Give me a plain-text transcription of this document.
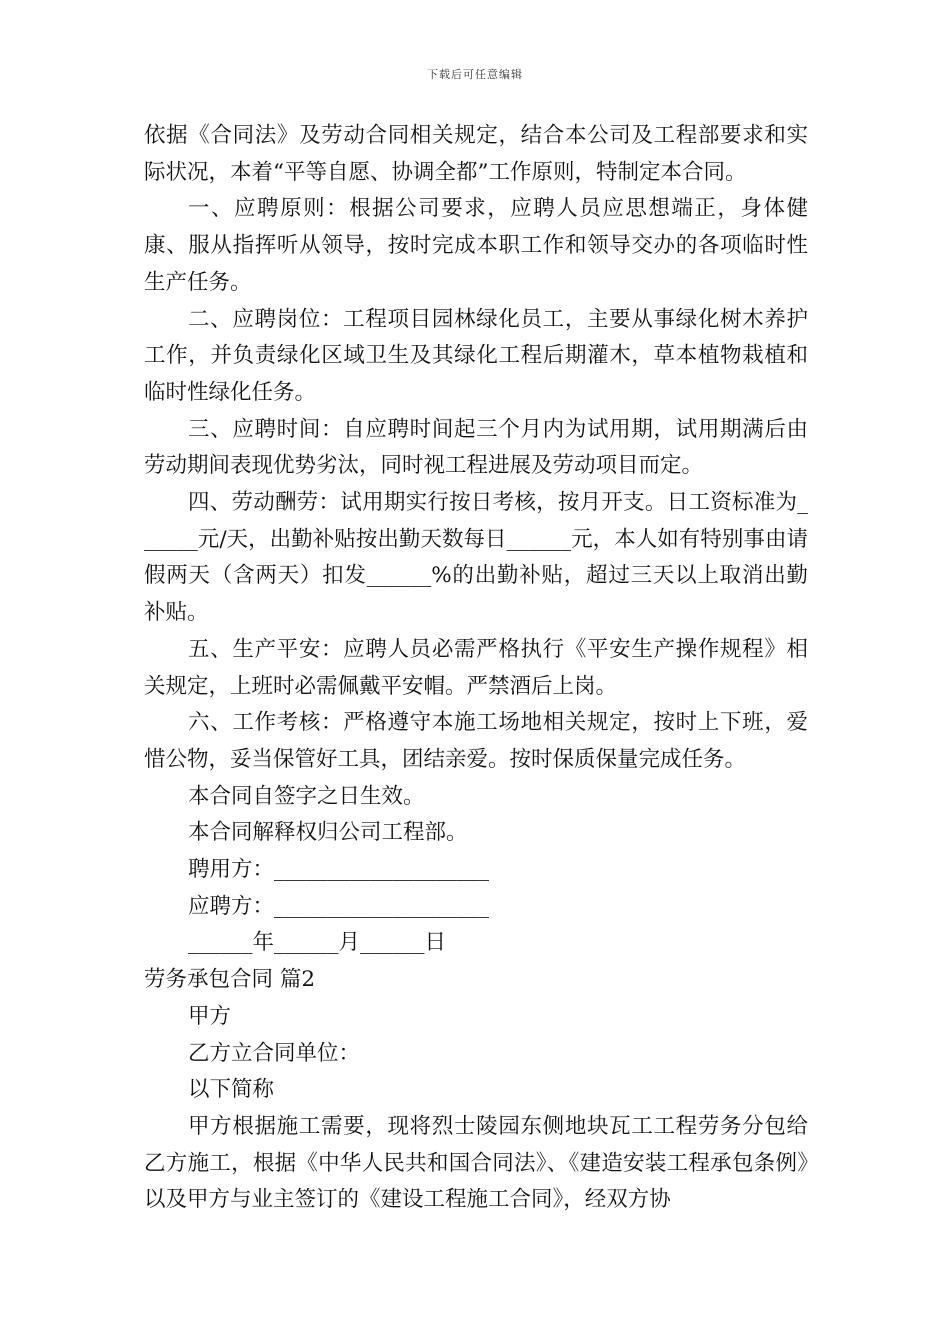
下载后可任意编辑

依据《合同法》及劳动合同相关规定，结合本公司及工程部要求和实际状况，本着“平等自愿、协调全都”工作原则，特制定本合同。

一、应聘原则：根据公司要求，应聘人员应思想端正，身体健康、服从指挥听从领导，按时完成本职工作和领导交办的各项临时性生产任务。

二、应聘岗位：工程项目园林绿化员工，主要从事绿化树木养护工作，并负责绿化区域卫生及其绿化工程后期灌木，草本植物栽植和临时性绿化任务。

三、应聘时间：自应聘时间起三个月内为试用期，试用期满后由劳动期间表现优势劣汰，同时视工程进展及劳动项目而定。

四、劳动酬劳：试用期实行按日考核，按月开支。日工资标准为______元/天，出勤补贴按出勤天数每日______元，本人如有特别事由请假两天（含两天）扣发______%的出勤补贴，超过三天以上取消出勤补贴。

五、生产平安：应聘人员必需严格执行《平安生产操作规程》相关规定，上班时必需佩戴平安帽。严禁酒后上岗。

六、工作考核：严格遵守本施工场地相关规定，按时上下班，爱惜公物，妥当保管好工具，团结亲爱。按时保质保量完成任务。

本合同自签字之日生效。

本合同解释权归公司工程部。

聘用方：____________________

应聘方：____________________

______年______月______日

劳务承包合同 篇2

甲方

乙方立合同单位：

以下简称

甲方根据施工需要，现将烈士陵园东侧地块瓦工工程劳务分包给乙方施工，根据《中华人民共和国合同法》、《建造安装工程承包条例》以及甲方与业主签订的《建设工程施工合同》，经双方协
